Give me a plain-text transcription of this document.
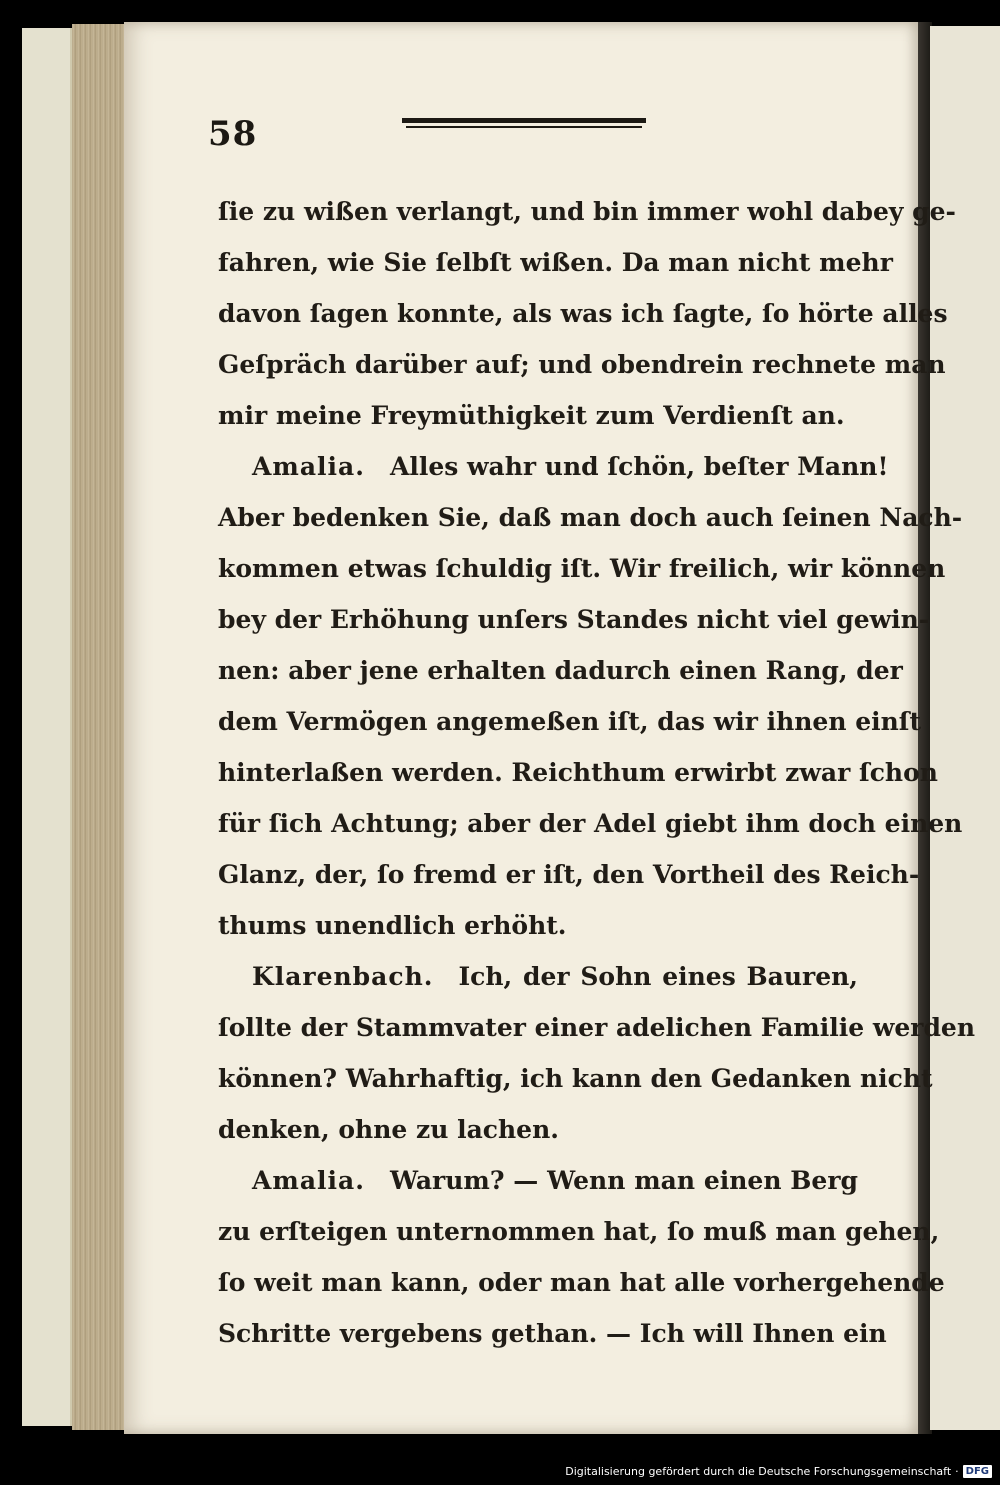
58
ſie zu wißen verlangt, und bin immer wohl dabey ge-
fahren, wie Sie ſelbſt wißen. Da man nicht mehr
davon ſagen konnte, als was ich ſagte, ſo hörte alles
Geſpräch darüber auf; und obendrein rechnete man
mir meine Freymüthigkeit zum Verdienſt an.
Amalia.  Alles wahr und ſchön, beſter Mann!
Aber bedenken Sie, daß man doch auch ſeinen Nach-
kommen etwas ſchuldig iſt. Wir freilich, wir können
bey der Erhöhung unſers Standes nicht viel gewin-
nen: aber jene erhalten dadurch einen Rang, der
dem Vermögen angemeßen iſt, das wir ihnen einſt
hinterlaßen werden. Reichthum erwirbt zwar ſchon
für ſich Achtung; aber der Adel giebt ihm doch einen
Glanz, der, ſo fremd er iſt, den Vortheil des Reich-
thums unendlich erhöht.
Klarenbach.  Ich, der Sohn eines Bauren,
ſollte der Stammvater einer adelichen Familie werden
können? Wahrhaftig, ich kann den Gedanken nicht
denken, ohne zu lachen.
Amalia.  Warum? — Wenn man einen Berg
zu erſteigen unternommen hat, ſo muß man gehen,
ſo weit man kann, oder man hat alle vorhergehende
Schritte vergebens gethan. — Ich will Ihnen ein
Digitalisierung gefördert durch die Deutsche Forschungsgemeinschaft · DFG
